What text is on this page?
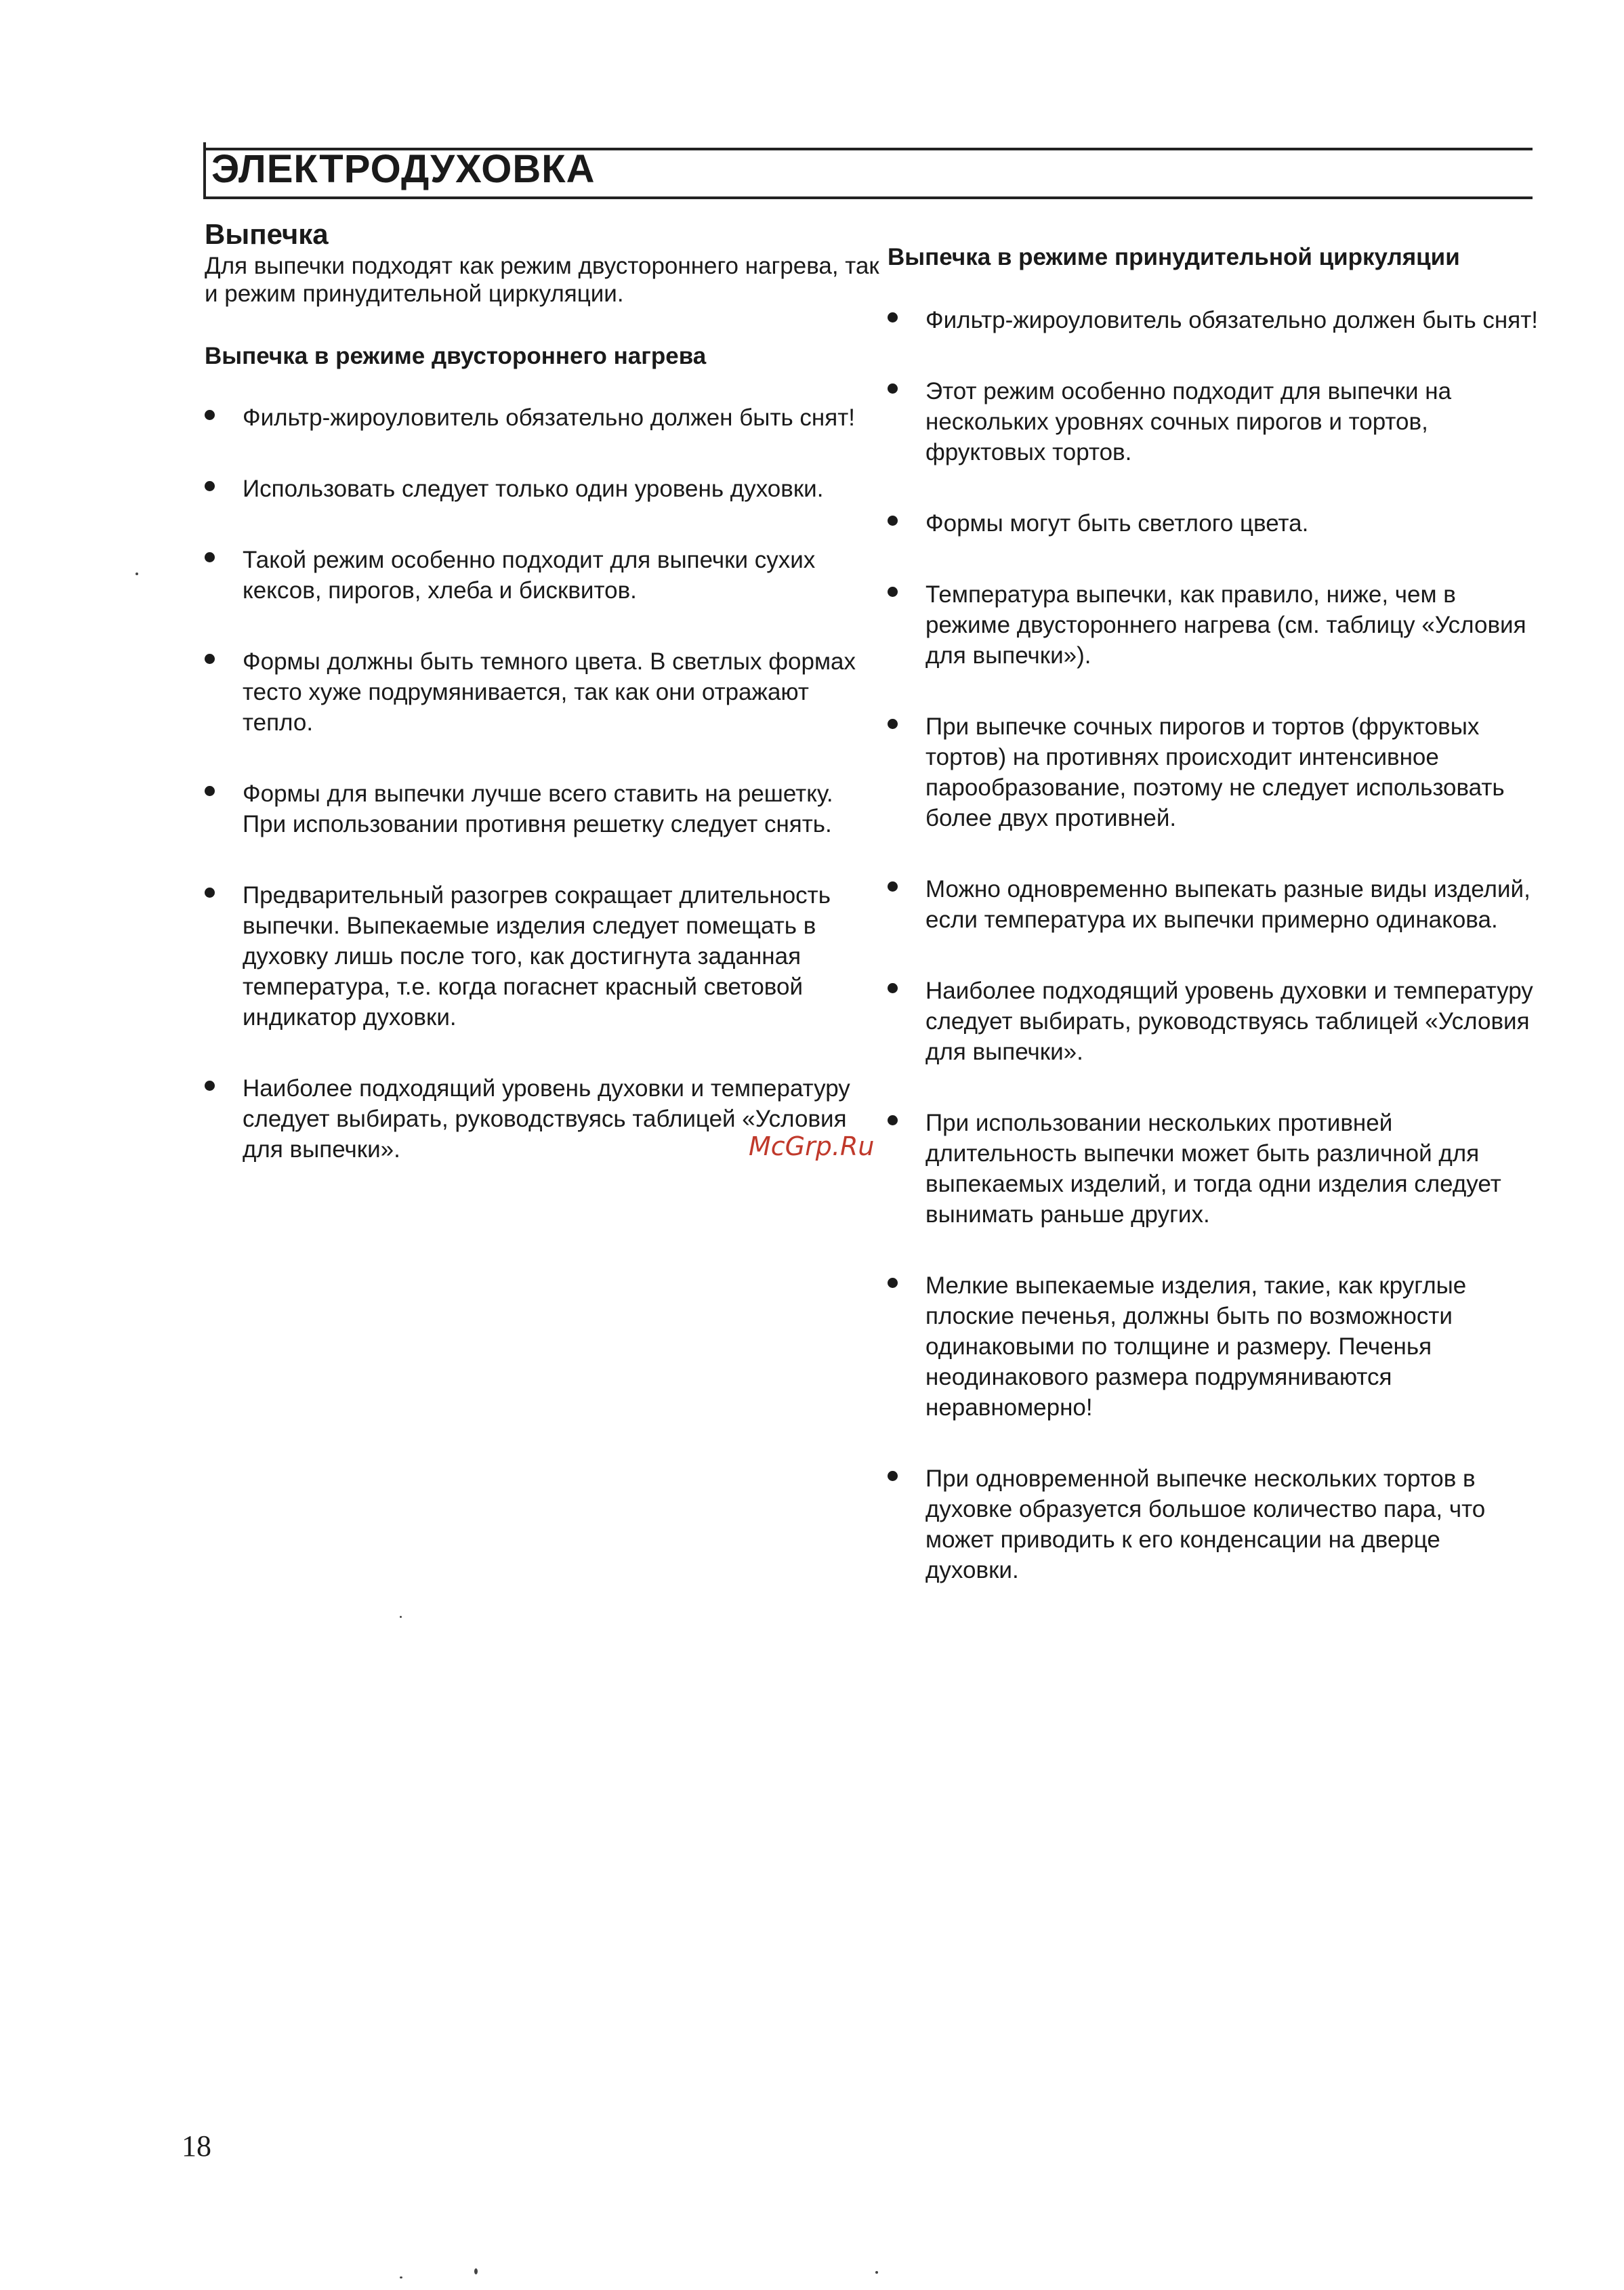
ЭЛЕКТРОДУХОВКА
Выпечка

Для выпечки подходят как режим двустороннего нагрева, так и режим принудительной циркуляции.

Выпечка в режиме двустороннего нагрева
Фильтр-жироуловитель обязательно должен быть снят!
Использовать следует только один уровень духовки.
Такой режим особенно подходит для выпечки сухих кексов, пирогов, хлеба и бисквитов.
Формы должны быть темного цвета. В светлых формах тесто хуже подрумянивается, так как они отражают тепло.
Формы для выпечки лучше всего ставить на решетку. При использовании противня решетку следует снять.
Предварительный разогрев сокращает длительность выпечки. Выпекаемые изделия следует помещать в духовку лишь после того, как достигнута заданная температура, т.е. когда погаснет красный световой индикатор духовки.
Наиболее подходящий уровень духовки и температуру следует выбирать, руководствуясь таблицей «Условия для выпечки».
Выпечка в режиме принудительной циркуляции
Фильтр-жироуловитель обязательно должен быть снят!
Этот режим особенно подходит для выпечки на нескольких уровнях сочных пирогов и тортов, фруктовых тортов.
Формы могут быть светлого цвета.
Температура выпечки, как правило, ниже, чем в режиме двустороннего нагрева (см. таблицу «Условия для выпечки»).
При выпечке сочных пирогов и тортов (фруктовых тортов) на противнях происходит интенсивное парообразование, поэтому не следует использовать более двух противней.
Можно одновременно выпекать разные виды изделий, если температура их выпечки примерно одинакова.
Наиболее подходящий уровень духовки и температуру следует выбирать, руководствуясь таблицей «Условия для выпечки».
При использовании нескольких противней длительность выпечки может быть различной для выпекаемых изделий, и тогда одни изделия следует вынимать раньше других.
Мелкие выпекаемые изделия, такие, как круглые плоские печенья, должны быть по возможности одинаковыми по толщине и размеру. Печенья неодинакового размера подрумяниваются неравномерно!
При одновременной выпечке нескольких тортов в духовке образуется большое количество пара, что может приводить к его конденсации на дверце духовки.

McGrp.Ru

18
